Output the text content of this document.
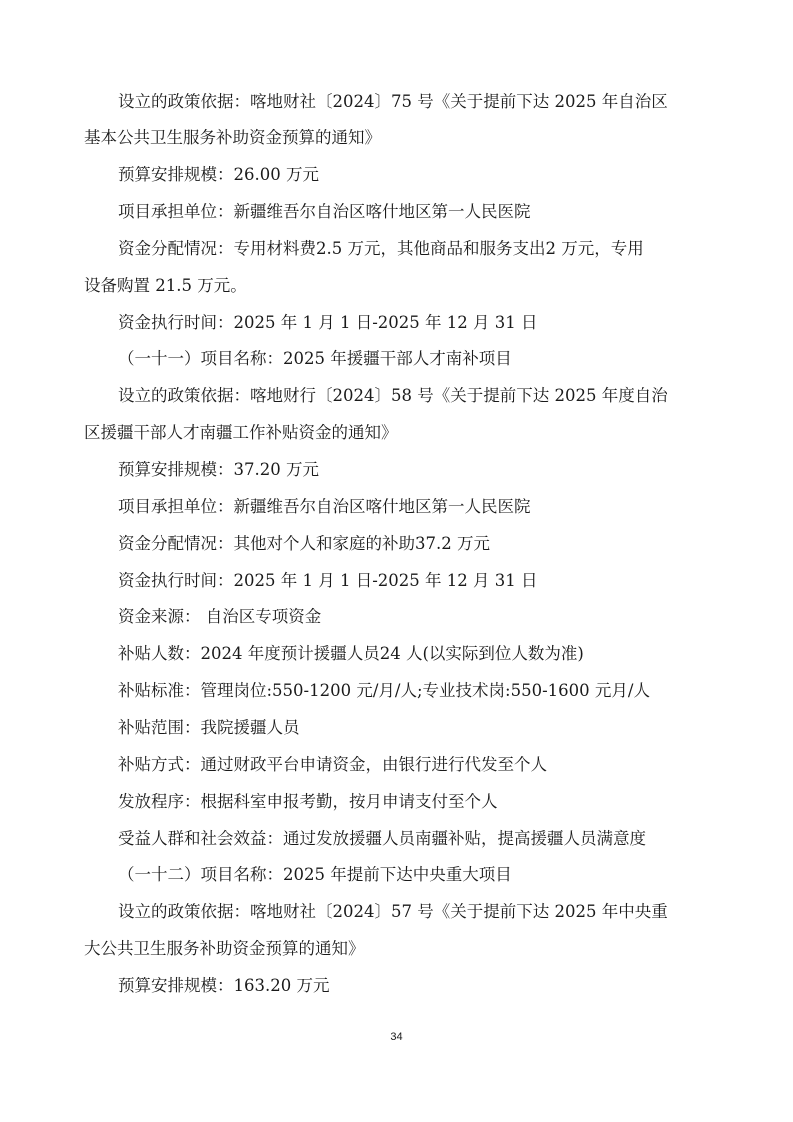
设立的政策依据：喀地财社〔2024〕75 号《关于提前下达 2025 年自治区
基本公共卫生服务补助资金预算的通知》
预算安排规模：26.00 万元
项目承担单位：新疆维吾尔自治区喀什地区第一人民医院
资金分配情况：专用材料费2.5 万元，其他商品和服务支出2 万元，专用
设备购置 21.5 万元。
资金执行时间：2025 年 1 月 1 日-2025 年 12 月 31 日
（一十一）项目名称：2025 年援疆干部人才南补项目
设立的政策依据：喀地财行〔2024〕58 号《关于提前下达 2025 年度自治
区援疆干部人才南疆工作补贴资金的通知》
预算安排规模：37.20 万元
项目承担单位：新疆维吾尔自治区喀什地区第一人民医院
资金分配情况：其他对个人和家庭的补助37.2 万元
资金执行时间：2025 年 1 月 1 日-2025 年 12 月 31 日
资金来源： 自治区专项资金
补贴人数：2024 年度预计援疆人员24 人(以实际到位人数为准)
补贴标准：管理岗位:550-1200 元/月/人;专业技术岗:550-1600 元月/人
补贴范围：我院援疆人员
补贴方式：通过财政平台申请资金，由银行进行代发至个人
发放程序：根据科室申报考勤，按月申请支付至个人
受益人群和社会效益：通过发放援疆人员南疆补贴，提高援疆人员满意度
（一十二）项目名称：2025 年提前下达中央重大项目
设立的政策依据：喀地财社〔2024〕57 号《关于提前下达 2025 年中央重
大公共卫生服务补助资金预算的通知》
预算安排规模：163.20 万元
34
